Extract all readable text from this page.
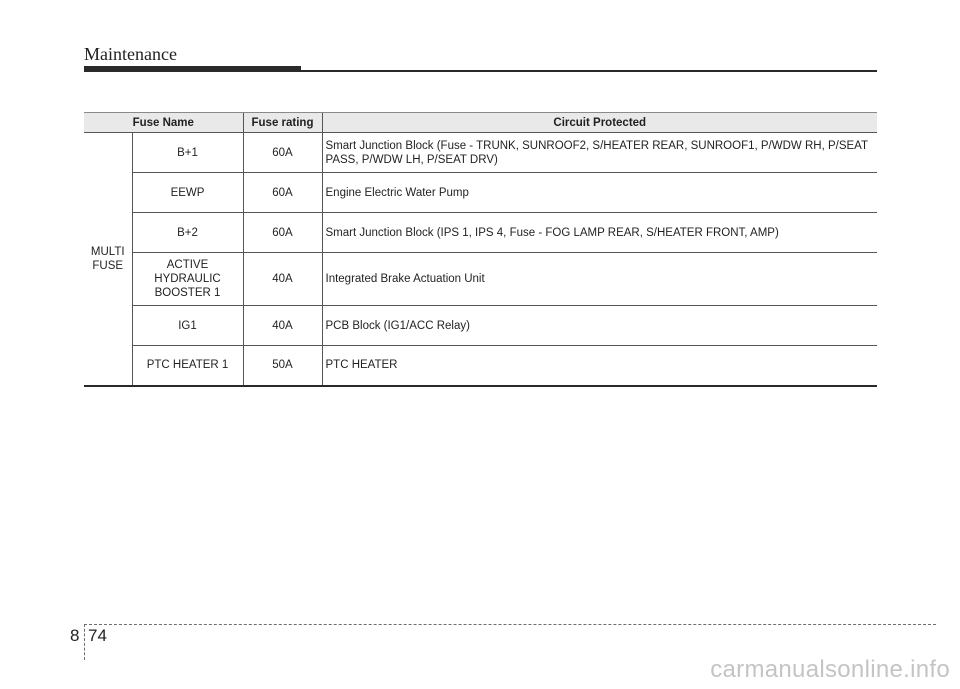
Maintenance
Fuse Name		Fuse rating	Circuit Protected
MULTI FUSE	B+1	60A	Smart Junction Block (Fuse - TRUNK, SUNROOF2, S/HEATER REAR, SUNROOF1, P/WDW RH, P/SEAT PASS, P/WDW LH, P/SEAT DRV)
	EEWP	60A	Engine Electric Water Pump
	B+2	60A	Smart Junction Block (IPS 1, IPS 4, Fuse - FOG LAMP REAR, S/HEATER FRONT, AMP)
	ACTIVE HYDRAULIC BOOSTER 1	40A	Integrated Brake Actuation Unit
	IG1	40A	PCB Block (IG1/ACC Relay)
	PTC HEATER 1	50A	PTC HEATER
8 74
carmanualsonline.info
